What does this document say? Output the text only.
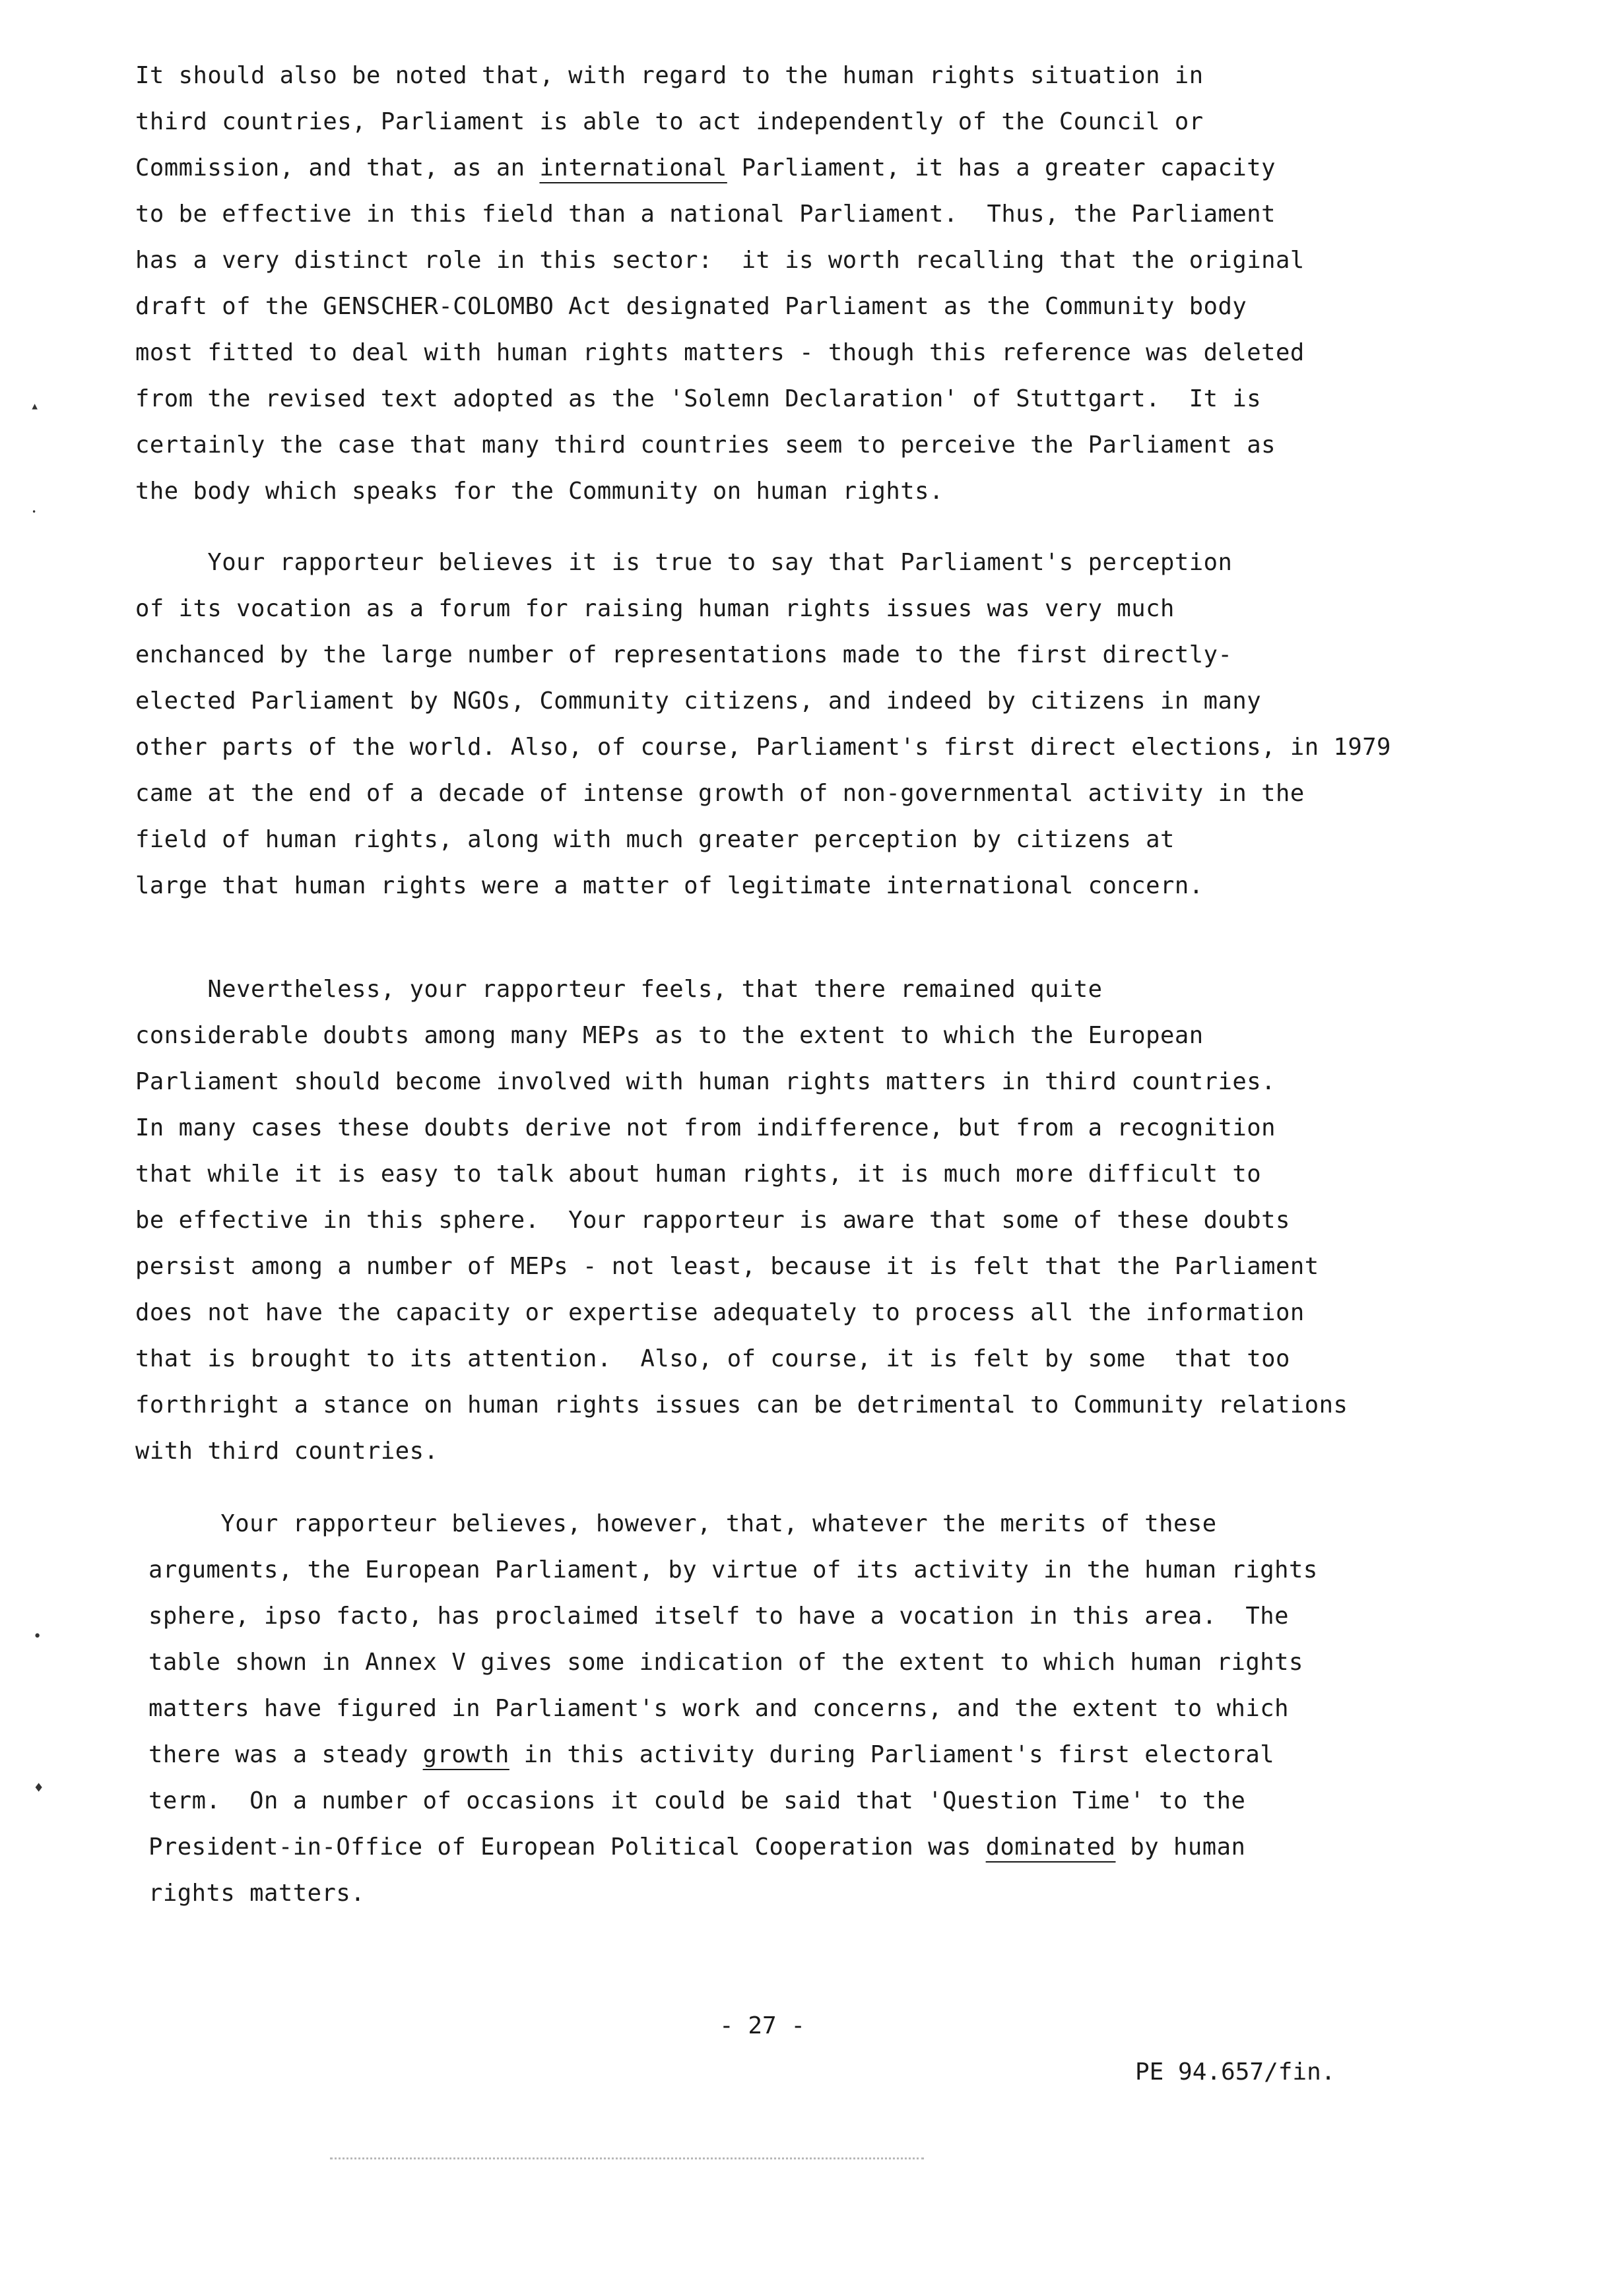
It should also be noted that, with regard to the human rights situation in
third countries, Parliament is able to act independently of the Council or
Commission, and that, as an international Parliament, it has a greater capacity
to be effective in this field than a national Parliament.  Thus, the Parliament
has a very distinct role in this sector:  it is worth recalling that the original
draft of the GENSCHER-COLOMBO Act designated Parliament as the Community body
most fitted to deal with human rights matters - though this reference was deleted
from the revised text adopted as the 'Solemn Declaration' of Stuttgart.  It is
certainly the case that many third countries seem to perceive the Parliament as
the body which speaks for the Community on human rights.
Your rapporteur believes it is true to say that Parliament's perception
of its vocation as a forum for raising human rights issues was very much
enchanced by the large number of representations made to the first directly-
elected Parliament by NGOs, Community citizens, and indeed by citizens in many
other parts of the world. Also, of course, Parliament's first direct elections, in 1979
came at the end of a decade of intense growth of non-governmental activity in the
field of human rights, along with much greater perception by citizens at
large that human rights were a matter of legitimate international concern.
Nevertheless, your rapporteur feels, that there remained quite
considerable doubts among many MEPs as to the extent to which the European
Parliament should become involved with human rights matters in third countries.
In many cases these doubts derive not from indifference, but from a recognition
that while it is easy to talk about human rights, it is much more difficult to
be effective in this sphere.  Your rapporteur is aware that some of these doubts
persist among a number of MEPs - not least, because it is felt that the Parliament
does not have the capacity or expertise adequately to process all the information
that is brought to its attention.  Also, of course, it is felt by some  that too
forthright a stance on human rights issues can be detrimental to Community relations
with third countries.
Your rapporteur believes, however, that, whatever the merits of these
arguments, the European Parliament, by virtue of its activity in the human rights
sphere, ipso facto, has proclaimed itself to have a vocation in this area.  The
table shown in Annex V gives some indication of the extent to which human rights
matters have figured in Parliament's work and concerns, and the extent to which
there was a steady growth in this activity during Parliament's first electoral
term.  On a number of occasions it could be said that 'Question Time' to the
President-in-Office of European Political Cooperation was dominated by human
rights matters.
- 27 -
PE 94.657/fin.
▴
•
•
♦
